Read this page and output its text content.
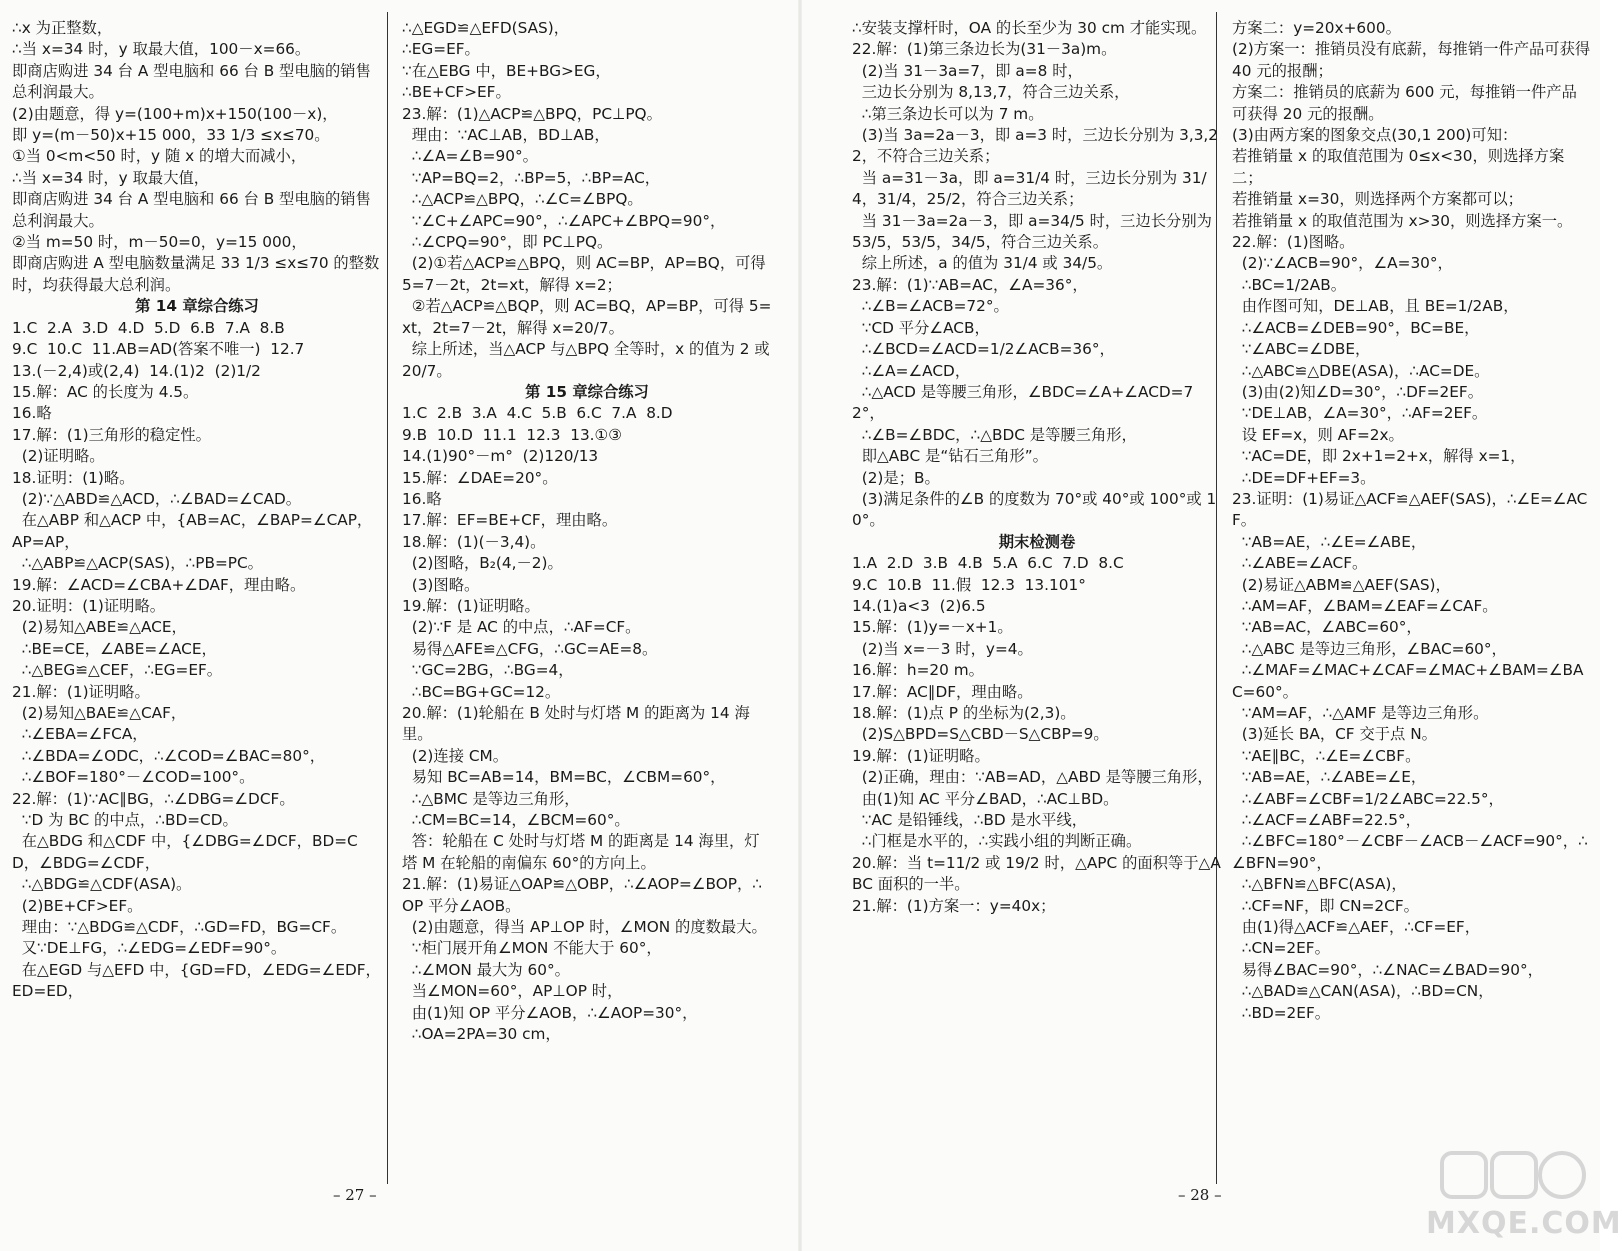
∴x 为正整数，
∴当 x=34 时，y 取最大值，100－x=66。
即商店购进 34 台 A 型电脑和 66 台 B 型电脑的销售总利润最大。
(2)由题意，得 y=(100+m)x+150(100－x)，
即 y=(m－50)x+15 000，33 1/3 ≤x≤70。
①当 0<m<50 时，y 随 x 的增大而减小，
∴当 x=34 时，y 取最大值，
即商店购进 34 台 A 型电脑和 66 台 B 型电脑的销售总利润最大。
②当 m=50 时，m－50=0，y=15 000，
即商店购进 A 型电脑数量满足 33 1/3 ≤x≤70 的整数时，均获得最大总利润。
第 14 章综合练习
1.C  2.A  3.D  4.D  5.D  6.B  7.A  8.B
9.C  10.C  11.AB=AD(答案不唯一)  12.7
13.(－2,4)或(2,4)  14.(1)2  (2)1/2
15.解：AC 的长度为 4.5。
16.略
17.解：(1)三角形的稳定性。
(2)证明略。
18.证明：(1)略。
(2)∵△ABD≌△ACD，∴∠BAD=∠CAD。
在△ABP 和△ACP 中，{AB=AC，∠BAP=∠CAP，AP=AP，
∴△ABP≌△ACP(SAS)，∴PB=PC。
19.解：∠ACD=∠CBA+∠DAF，理由略。
20.证明：(1)证明略。
(2)易知△ABE≌△ACE，
∴BE=CE，∠ABE=∠ACE，
∴△BEG≌△CEF，∴EG=EF。
21.解：(1)证明略。
(2)易知△BAE≌△CAF，
∴∠EBA=∠FCA，
∴∠BDA=∠ODC，∴∠COD=∠BAC=80°，
∴∠BOF=180°－∠COD=100°。
22.解：(1)∵AC∥BG，∴∠DBG=∠DCF。
∵D 为 BC 的中点，∴BD=CD。
在△BDG 和△CDF 中，{∠DBG=∠DCF，BD=CD，∠BDG=∠CDF，
∴△BDG≌△CDF(ASA)。
(2)BE+CF>EF。
理由：∵△BDG≌△CDF，∴GD=FD，BG=CF。
又∵DE⊥FG，∴∠EDG=∠EDF=90°。
在△EGD 与△EFD 中，{GD=FD，∠EDG=∠EDF，ED=ED，
∴△EGD≌△EFD(SAS)，
∴EG=EF。
∵在△EBG 中，BE+BG>EG，
∴BE+CF>EF。
23.解：(1)△ACP≌△BPQ，PC⊥PQ。
理由：∵AC⊥AB，BD⊥AB，
∴∠A=∠B=90°。
∵AP=BQ=2，∴BP=5，∴BP=AC，
∴△ACP≌△BPQ，∴∠C=∠BPQ。
∵∠C+∠APC=90°，∴∠APC+∠BPQ=90°，
∴∠CPQ=90°，即 PC⊥PQ。
(2)①若△ACP≌△BPQ，则 AC=BP，AP=BQ，可得 5=7－2t，2t=xt，解得 x=2；
②若△ACP≌△BQP，则 AC=BQ，AP=BP，可得 5=xt，2t=7－2t，解得 x=20/7。
综上所述，当△ACP 与△BPQ 全等时，x 的值为 2 或 20/7。
第 15 章综合练习
1.C  2.B  3.A  4.C  5.B  6.C  7.A  8.D
9.B  10.D  11.1  12.3  13.①③
14.(1)90°－m°  (2)120/13
15.解：∠DAE=20°。
16.略
17.解：EF=BE+CF，理由略。
18.解：(1)(－3,4)。
(2)图略，B₂(4,－2)。
(3)图略。
19.解：(1)证明略。
(2)∵F 是 AC 的中点，∴AF=CF。
易得△AFE≌△CFG，∴GC=AE=8。
∵GC=2BG，∴BG=4，
∴BC=BG+GC=12。
20.解：(1)轮船在 B 处时与灯塔 M 的距离为 14 海里。
(2)连接 CM。
易知 BC=AB=14，BM=BC，∠CBM=60°，
∴△BMC 是等边三角形，
∴CM=BC=14，∠BCM=60°。
答：轮船在 C 处时与灯塔 M 的距离是 14 海里，灯塔 M 在轮船的南偏东 60°的方向上。
21.解：(1)易证△OAP≌△OBP，∴∠AOP=∠BOP，∴OP 平分∠AOB。
(2)由题意，得当 AP⊥OP 时，∠MON 的度数最大。
∵柜门展开角∠MON 不能大于 60°，
∴∠MON 最大为 60°。
当∠MON=60°，AP⊥OP 时，
由(1)知 OP 平分∠AOB，∴∠AOP=30°，
∴OA=2PA=30 cm，
∴安装支撑杆时，OA 的长至少为 30 cm 才能实现。
22.解：(1)第三条边长为(31－3a)m。
(2)当 31－3a=7，即 a=8 时，
三边长分别为 8,13,7，符合三边关系，
∴第三条边长可以为 7 m。
(3)当 3a=2a－3，即 a=3 时，三边长分别为 3,3,22，不符合三边关系；
当 a=31－3a，即 a=31/4 时，三边长分别为 31/4，31/4，25/2，符合三边关系；
当 31－3a=2a－3，即 a=34/5 时，三边长分别为 53/5，53/5，34/5，符合三边关系。
综上所述，a 的值为 31/4 或 34/5。
23.解：(1)∵AB=AC，∠A=36°，
∴∠B=∠ACB=72°。
∵CD 平分∠ACB，
∴∠BCD=∠ACD=1/2∠ACB=36°，
∴∠A=∠ACD，
∴△ACD 是等腰三角形，∠BDC=∠A+∠ACD=72°，
∴∠B=∠BDC，∴△BDC 是等腰三角形，
即△ABC 是“钻石三角形”。
(2)是；B。
(3)满足条件的∠B 的度数为 70°或 40°或 100°或 10°。
期末检测卷
1.A  2.D  3.B  4.B  5.A  6.C  7.D  8.C
9.C  10.B  11.假  12.3  13.101°
14.(1)a<3  (2)6.5
15.解：(1)y=－x+1。
(2)当 x=－3 时，y=4。
16.解：h=20 m。
17.解：AC∥DF，理由略。
18.解：(1)点 P 的坐标为(2,3)。
(2)S△BPD=S△CBD－S△CBP=9。
19.解：(1)证明略。
(2)正确，理由：∵AB=AD，△ABD 是等腰三角形，
由(1)知 AC 平分∠BAD，∴AC⊥BD。
∵AC 是铅锤线，∴BD 是水平线，
∴门框是水平的，∴实践小组的判断正确。
20.解：当 t=11/2 或 19/2 时，△APC 的面积等于△ABC 面积的一半。
21.解：(1)方案一：y=40x；
方案二：y=20x+600。
(2)方案一：推销员没有底薪，每推销一件产品可获得 40 元的报酬；
方案二：推销员的底薪为 600 元，每推销一件产品可获得 20 元的报酬。
(3)由两方案的图象交点(30,1 200)可知：
若推销量 x 的取值范围为 0≤x<30，则选择方案二；
若推销量 x=30，则选择两个方案都可以；
若推销量 x 的取值范围为 x>30，则选择方案一。
22.解：(1)图略。
(2)∵∠ACB=90°，∠A=30°，
∴BC=1/2AB。
由作图可知，DE⊥AB，且 BE=1/2AB，
∴∠ACB=∠DEB=90°，BC=BE，
∵∠ABC=∠DBE，
∴△ABC≌△DBE(ASA)，∴AC=DE。
(3)由(2)知∠D=30°，∴DF=2EF。
∵DE⊥AB，∠A=30°，∴AF=2EF。
设 EF=x，则 AF=2x。
∵AC=DE，即 2x+1=2+x，解得 x=1，
∴DE=DF+EF=3。
23.证明：(1)易证△ACF≌△AEF(SAS)，∴∠E=∠ACF。
∵AB=AE，∴∠E=∠ABE，
∴∠ABE=∠ACF。
(2)易证△ABM≌△AEF(SAS)，
∴AM=AF，∠BAM=∠EAF=∠CAF。
∵AB=AC，∠ABC=60°，
∴△ABC 是等边三角形，∠BAC=60°，
∴∠MAF=∠MAC+∠CAF=∠MAC+∠BAM=∠BAC=60°。
∵AM=AF，∴△AMF 是等边三角形。
(3)延长 BA，CF 交于点 N。
∵AE∥BC，∴∠E=∠CBF。
∵AB=AE，∴∠ABE=∠E，
∴∠ABF=∠CBF=1/2∠ABC=22.5°，
∴∠ACF=∠ABF=22.5°，
∴∠BFC=180°－∠CBF－∠ACB－∠ACF=90°，∴∠BFN=90°，
∴△BFN≌△BFC(ASA)，
∴CF=NF，即 CN=2CF。
由(1)得△ACF≌△AEF，∴CF=EF，
∴CN=2EF。
易得∠BAC=90°，∴∠NAC=∠BAD=90°，
∴△BAD≌△CAN(ASA)，∴BD=CN，
∴BD=2EF。
– 27 –	– 28 –
MXQE.COM
